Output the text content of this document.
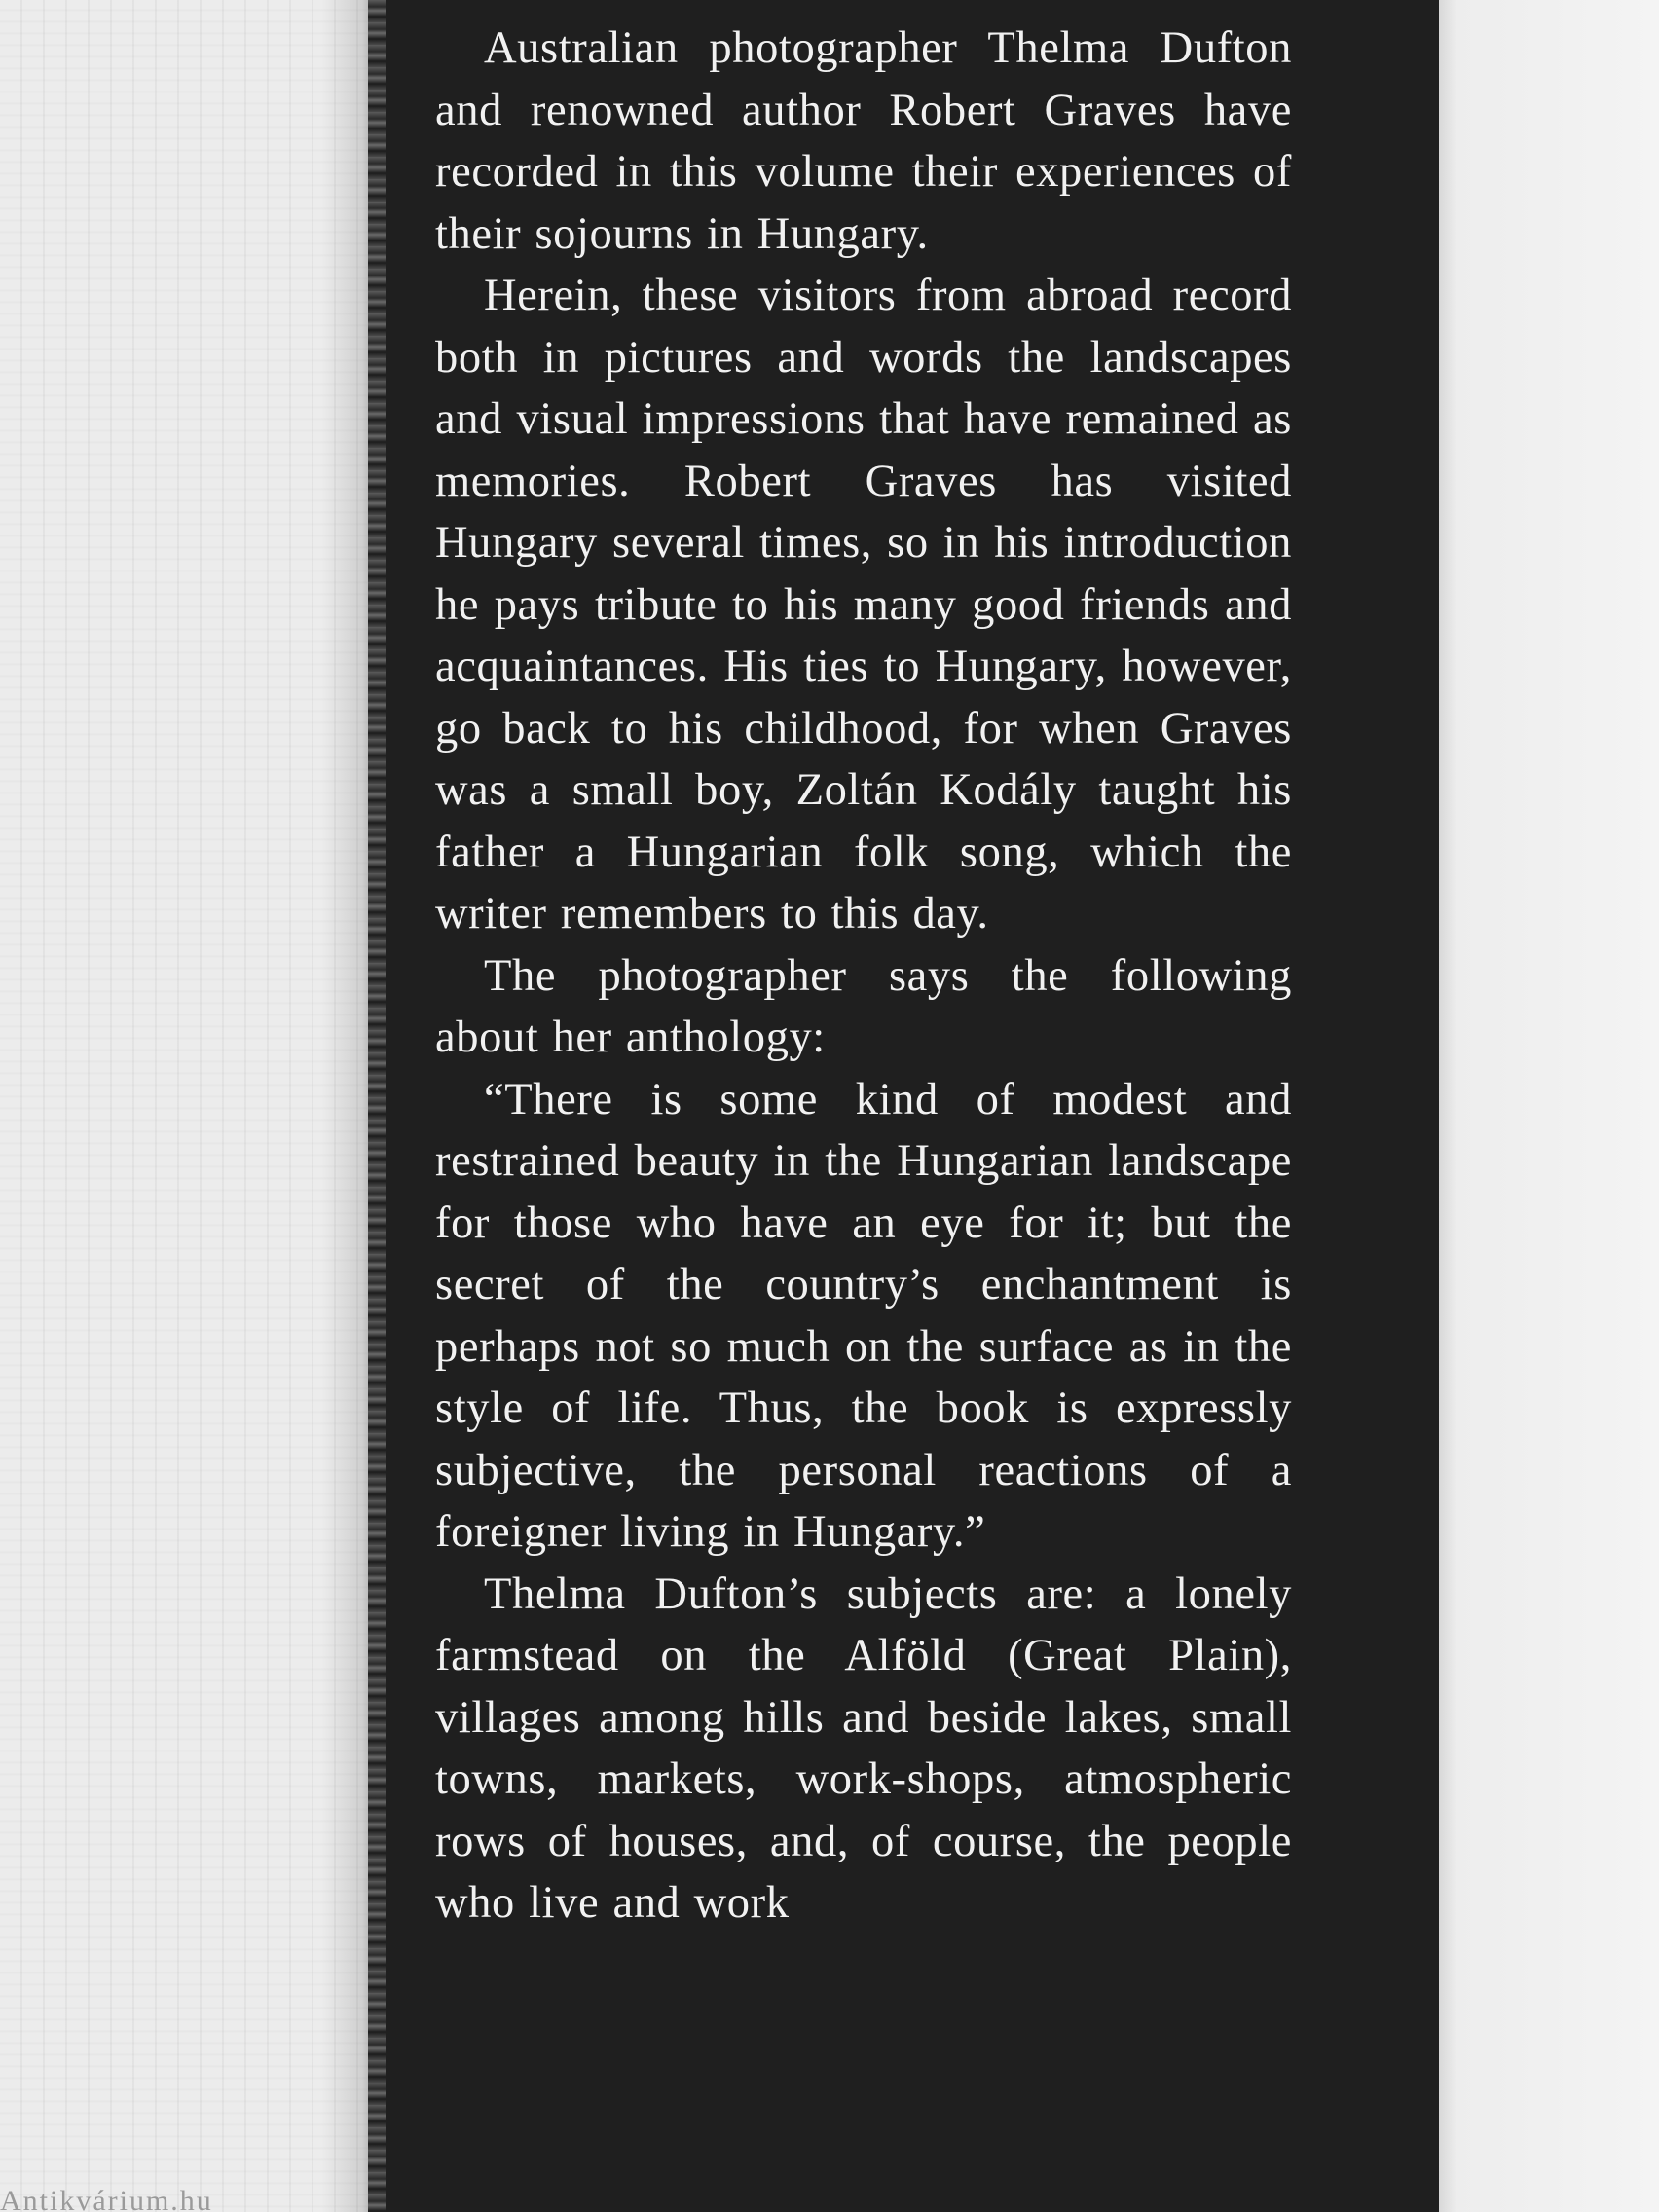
Antikvárium.hu

Australian photographer Thelma Dufton and renowned author Robert Graves have recorded in this volume their experiences of their sojourns in Hungary.

Herein, these visitors from abroad record both in pictures and words the landscapes and visual impressions that have remained as memories. Robert Graves has visited Hungary several times, so in his introduction he pays tribute to his many good friends and acquaintances. His ties to Hungary, however, go back to his childhood, for when Graves was a small boy, Zoltán Kodály taught his father a Hungarian folk song, which the writer remembers to this day.

The photographer says the following about her anthology:

“There is some kind of modest and restrained beauty in the Hungarian landscape for those who have an eye for it; but the secret of the country’s enchantment is perhaps not so much on the surface as in the style of life. Thus, the book is expressly subjective, the personal reactions of a foreigner living in Hungary.”

Thelma Dufton’s subjects are: a lonely farmstead on the Alföld (Great Plain), villages among hills and beside lakes, small towns, markets, work-shops, atmospheric rows of houses, and, of course, the people who live and work
